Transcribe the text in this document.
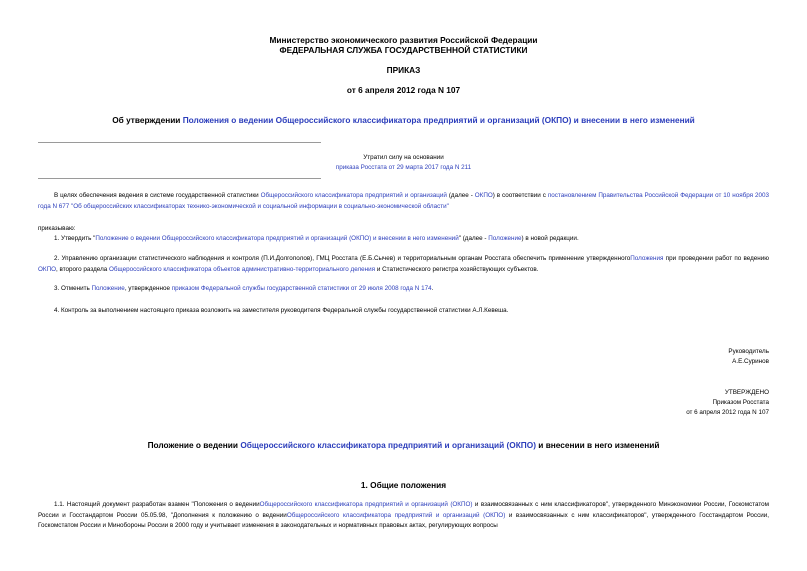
Министерство экономического развития Российской Федерации
ФЕДЕРАЛЬНАЯ СЛУЖБА ГОСУДАРСТВЕННОЙ СТАТИСТИКИ
ПРИКАЗ
от 6 апреля 2012 года N 107
Об утверждении Положения о ведении Общероссийского классификатора предприятий и организаций (ОКПО) и внесении в него изменений
Утратил силу на основании
приказа Росстата от 29 марта 2017 года N 211
В целях обеспечения ведения в системе государственной статистики Общероссийского классификатора предприятий и организаций (далее - ОКПО) в соответствии с постановлением Правительства Российской Федерации от 10 ноября 2003 года N 677 "Об общероссийских классификаторах технико-экономической и социальной информации в социально-экономической области"
приказываю:
1. Утвердить "Положение о ведении Общероссийского классификатора предприятий и организаций (ОКПО) и внесении в него изменений" (далее - Положение) в новой редакции.
2. Управлению организации статистического наблюдения и контроля (П.И.Долгополов), ГМЦ Росстата (Е.Б.Сычев) и территориальным органам Росстата обеспечить применение утвержденногоПоложения при проведении работ по ведению ОКПО, второго раздела Общероссийского классификатора объектов административно-территориального деления и Статистического регистра хозяйствующих субъектов.
3. Отменить Положение, утвержденное приказом Федеральной службы государственной статистики от 29 июля 2008 года N 174.
4. Контроль за выполнением настоящего приказа возложить на заместителя руководителя Федеральной службы государственной статистики А.Л.Кевеша.
Руководитель
А.Е.Суринов
УТВЕРЖДЕНО
Приказом Росстата
от 6 апреля 2012 года N 107
Положение о ведении Общероссийского классификатора предприятий и организаций (ОКПО) и внесении в него изменений
1. Общие положения
1.1. Настоящий документ разработан взамен "Положения о веденииОбщероссийского классификатора предприятий и организаций (ОКПО) и взаимосвязанных с ним классификаторов", утвержденного Минэкономики России, Госкомстатом России и Госстандартом России 05.05.98, "Дополнения к положению о веденииОбщероссийского классификатора предприятий и организаций (ОКПО) и взаимосвязанных с ним классификаторов", утвержденного Госстандартом России, Госкомстатом России и Минобороны России в 2000 году и учитывает изменения в законодательных и нормативных правовых актах, регулирующих вопросы
